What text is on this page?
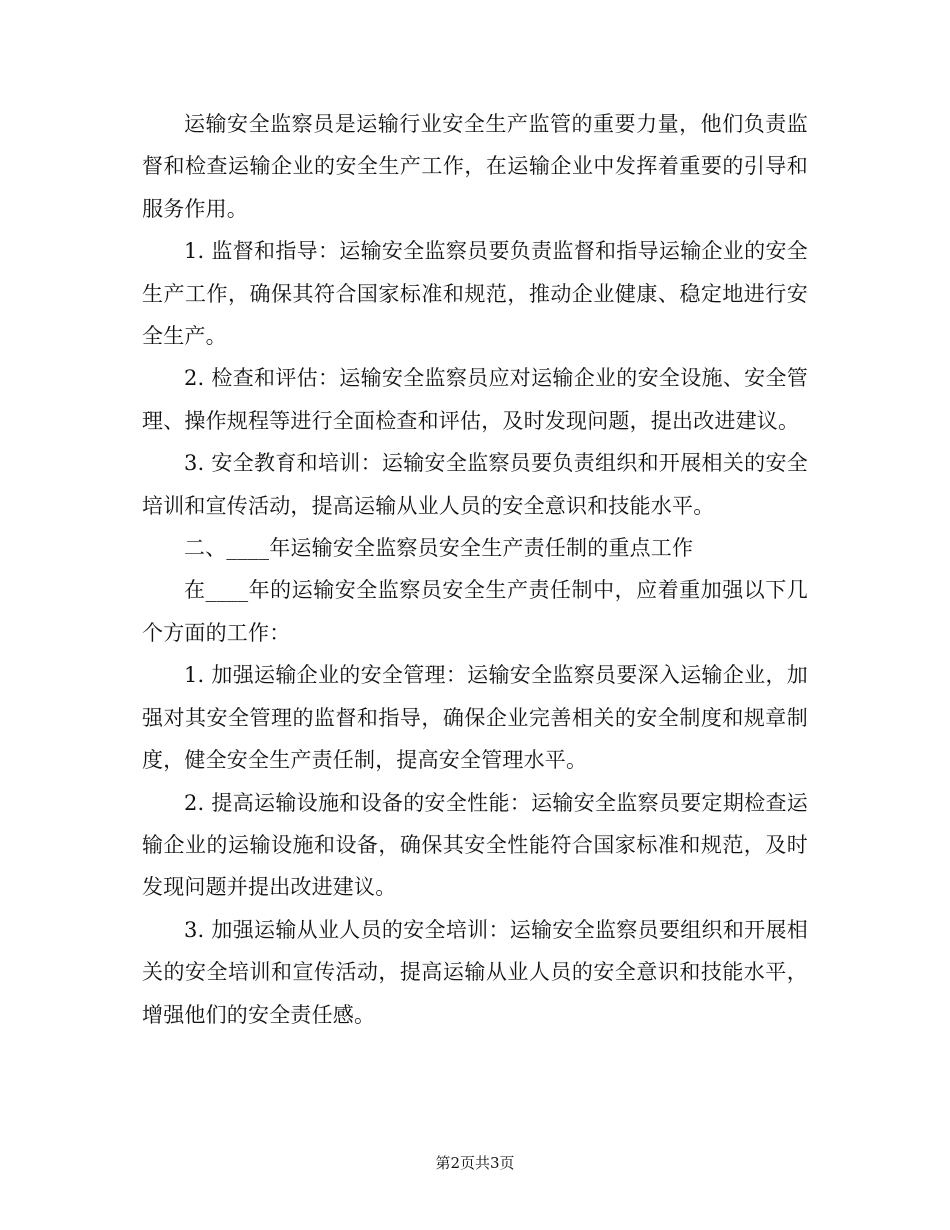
运输安全监察员是运输行业安全生产监管的重要力量，他们负责监督和检查运输企业的安全生产工作，在运输企业中发挥着重要的引导和服务作用。

1. 监督和指导：运输安全监察员要负责监督和指导运输企业的安全生产工作，确保其符合国家标准和规范，推动企业健康、稳定地进行安全生产。

2. 检查和评估：运输安全监察员应对运输企业的安全设施、安全管理、操作规程等进行全面检查和评估，及时发现问题，提出改进建议。

3. 安全教育和培训：运输安全监察员要负责组织和开展相关的安全培训和宣传活动，提高运输从业人员的安全意识和技能水平。

二、____年运输安全监察员安全生产责任制的重点工作

在____年的运输安全监察员安全生产责任制中，应着重加强以下几个方面的工作：

1. 加强运输企业的安全管理：运输安全监察员要深入运输企业，加强对其安全管理的监督和指导，确保企业完善相关的安全制度和规章制度，健全安全生产责任制，提高安全管理水平。

2. 提高运输设施和设备的安全性能：运输安全监察员要定期检查运输企业的运输设施和设备，确保其安全性能符合国家标准和规范，及时发现问题并提出改进建议。

3. 加强运输从业人员的安全培训：运输安全监察员要组织和开展相关的安全培训和宣传活动，提高运输从业人员的安全意识和技能水平，增强他们的安全责任感。

第2页共3页
